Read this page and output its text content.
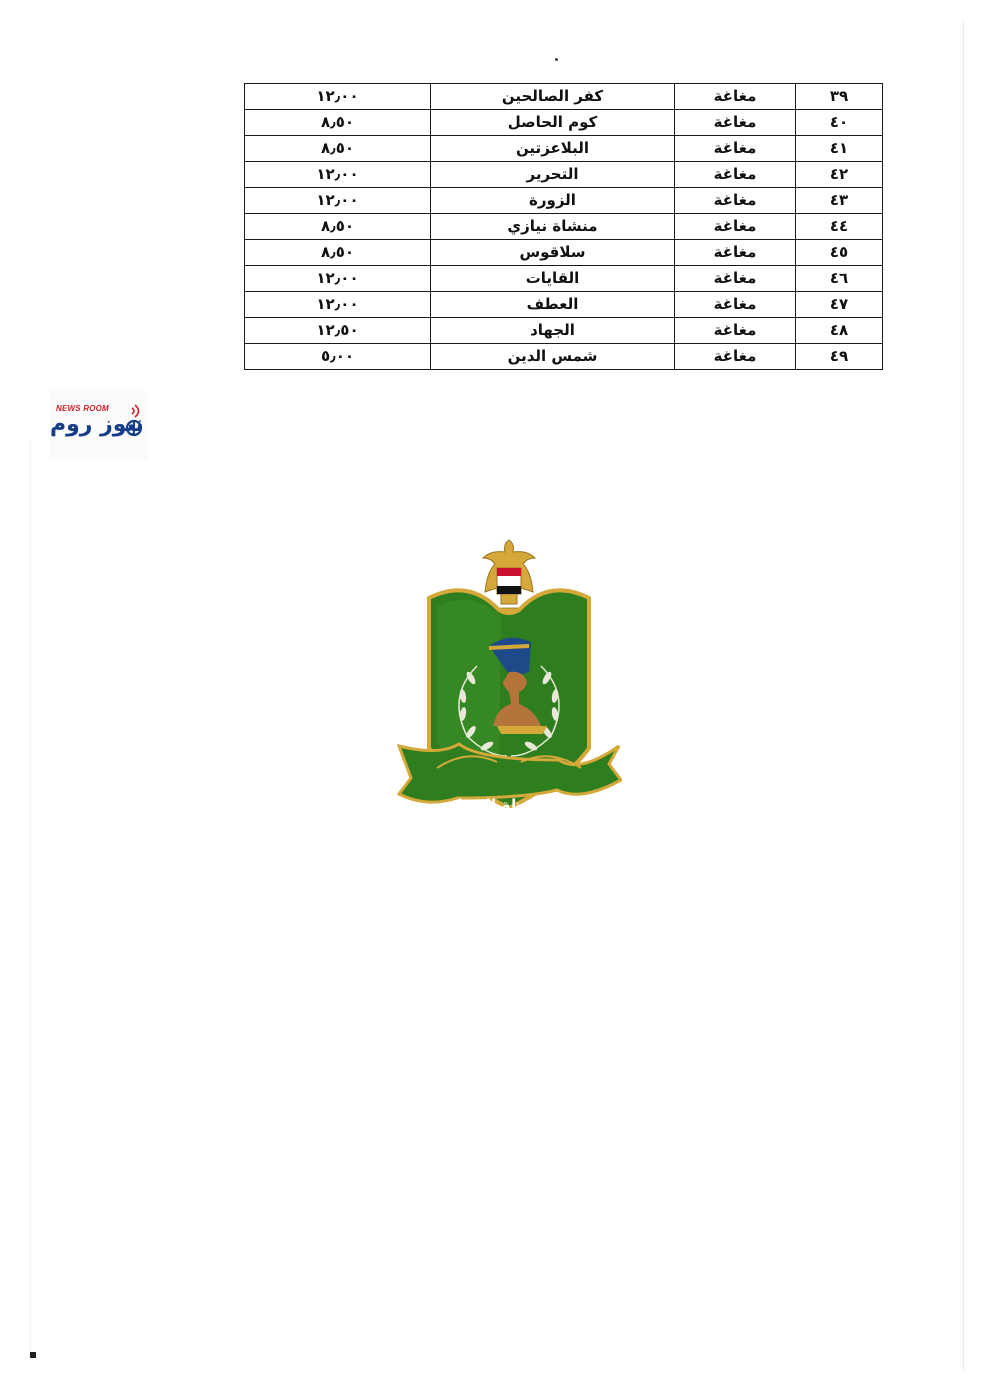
٣٩	مغاغة	كفر الصالحين	١٢٫٠٠
٤٠	مغاغة	كوم الحاصل	٨٫٥٠
٤١	مغاغة	البلاعزتين	٨٫٥٠
٤٢	مغاغة	التحرير	١٢٫٠٠
٤٣	مغاغة	الزورة	١٢٫٠٠
٤٤	مغاغة	منشاة نيازي	٨٫٥٠
٤٥	مغاغة	سلاقوس	٨٫٥٠
٤٦	مغاغة	القايات	١٢٫٠٠
٤٧	مغاغة	العطف	١٢٫٠٠
٤٨	مغاغة	الجهاد	١٢٫٥٠
٤٩	مغاغة	شمس الدين	٥٫٠٠
NEWS ROOM
نيوز روم
محافظة المنيا
